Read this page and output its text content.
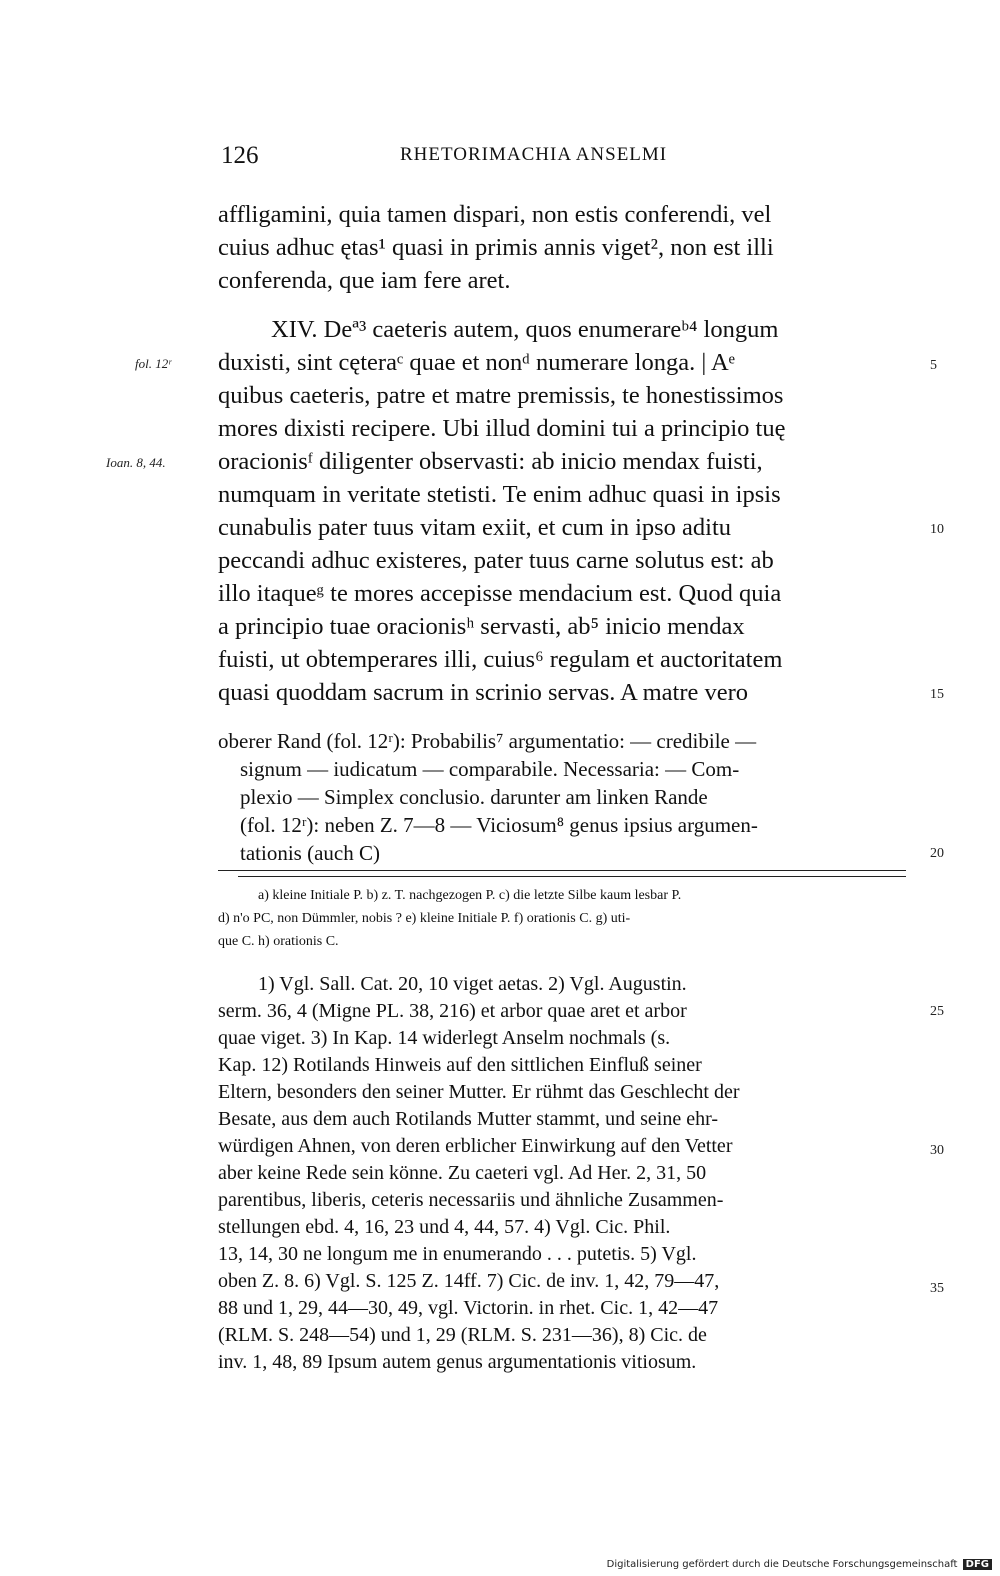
126	RHETORIMACHIA ANSELMI
affligamini, quia tamen dispari, non estis conferendi, vel
cuius adhuc ętas¹ quasi in primis annis viget², non est illi
conferenda, que iam fere aret.
XIV. Deª³ caeteris autem, quos enumerareᵇ⁴ longum
duxisti, sint cęteraᶜ quae et nonᵈ numerare longa. | Aᵉ
quibus caeteris, patre et matre premissis, te honestissimos
mores dixisti recipere. Ubi illud domini tui a principio tuę
oracionisᶠ diligenter observasti: ab inicio mendax fuisti,
numquam in veritate stetisti. Te enim adhuc quasi in ipsis
cunabulis pater tuus vitam exiit, et cum in ipso aditu
peccandi adhuc existeres, pater tuus carne solutus est: ab
illo itaqueᵍ te mores accepisse mendacium est. Quod quia
a principio tuae oracionisʰ servasti, ab⁵ inicio mendax
fuisti, ut obtemperares illi, cuius⁶ regulam et auctoritatem
quasi quoddam sacrum in scrinio servas. A matre vero
fol. 12ʳ
Ioan. 8, 44.
5
10
15
20
25
30
35
oberer Rand (fol. 12ʳ): Probabilis⁷ argumentatio: — credibile —
signum — iudicatum — comparabile. Necessaria: — Com-
plexio — Simplex conclusio. darunter am linken Rande
(fol. 12ʳ): neben Z. 7—8 — Viciosum⁸ genus ipsius argumen-
tationis (auch C)
a) kleine Initiale P. b) z. T. nachgezogen P. c) die letzte Silbe kaum lesbar P.
d) n'o PC, non Dümmler, nobis ? e) kleine Initiale P. f) orationis C. g) uti-
que C. h) orationis C.
1) Vgl. Sall. Cat. 20, 10 viget aetas. 2) Vgl. Augustin.
serm. 36, 4 (Migne PL. 38, 216) et arbor quae aret et arbor
quae viget. 3) In Kap. 14 widerlegt Anselm nochmals (s.
Kap. 12) Rotilands Hinweis auf den sittlichen Einfluß seiner
Eltern, besonders den seiner Mutter. Er rühmt das Geschlecht der
Besate, aus dem auch Rotilands Mutter stammt, und seine ehr-
würdigen Ahnen, von deren erblicher Einwirkung auf den Vetter
aber keine Rede sein könne. Zu caeteri vgl. Ad Her. 2, 31, 50
parentibus, liberis, ceteris necessariis und ähnliche Zusammen-
stellungen ebd. 4, 16, 23 und 4, 44, 57. 4) Vgl. Cic. Phil.
13, 14, 30 ne longum me in enumerando . . . putetis. 5) Vgl.
oben Z. 8. 6) Vgl. S. 125 Z. 14ff. 7) Cic. de inv. 1, 42, 79—47,
88 und 1, 29, 44—30, 49, vgl. Victorin. in rhet. Cic. 1, 42—47
(RLM. S. 248—54) und 1, 29 (RLM. S. 231—36), 8) Cic. de
inv. 1, 48, 89 Ipsum autem genus argumentationis vitiosum.
Digitalisierung gefördert durch die Deutsche Forschungsgemeinschaft DFG
